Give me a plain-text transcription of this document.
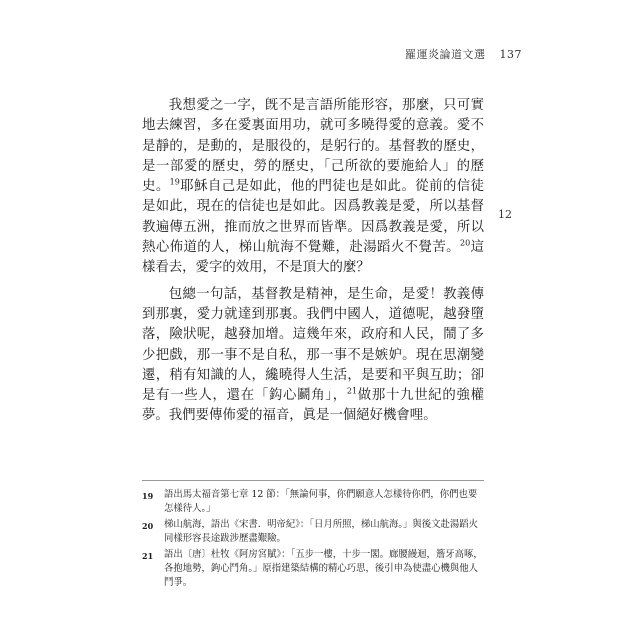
羅運炎論道文選 137

我想愛之一字，旣不是言語所能形容，那麼，只可實地去練習，多在愛裏面用功，就可多曉得愛的意義。愛不是靜的，是動的，是服役的，是躬行的。基督教的歷史，是一部愛的歷史，勞的歷史，「己所欲的要施給人」的歷史。$^{19}$耶穌自己是如此，他的門徒也是如此。從前的信徒是如此，現在的信徒也是如此。因爲教義是愛，所以基督教遍傳五洲，推而放之世界而皆準。因爲教義是愛，所以熱心佈道的人，梯山航海不覺難，赴湯蹈火不覺苦。$^{20}$這樣看去，愛字的效用，不是頂大的麼？

包總一句話，基督教是精神，是生命，是愛！教義傳到那裏，愛力就達到那裏。我們中國人，道德呢，越發墮落，險狀呢，越發加增。這幾年來，政府和人民，鬧了多少把戲，那一事不是自私，那一事不是嫉妒。現在思潮變遷，稍有知識的人，纔曉得人生活，是要和平與互助；卻是有一些人，還在「鈎心鬬角」，$^{21}$做那十九世紀的強權夢。我們要傳佈愛的福音，眞是一個絕好機會哩。

12
19	語出馬太福音第七章 12 節：「無論何事，你們願意人怎樣待你們，你們也要怎樣待人。」
20	梯山航海，語出《宋書．明帝紀》：「日月所照，梯山航海。」與後文赴湯蹈火同樣形容長途跋涉歷盡艱險。
21	語出〔唐〕杜牧《阿房宮賦》：「五步一樓，十步一閣。廊腰縵迴，簷牙高啄，各抱地勢，鉤心鬥角。」原指建築結構的精心巧思，後引申為使盡心機與他人鬥爭。
